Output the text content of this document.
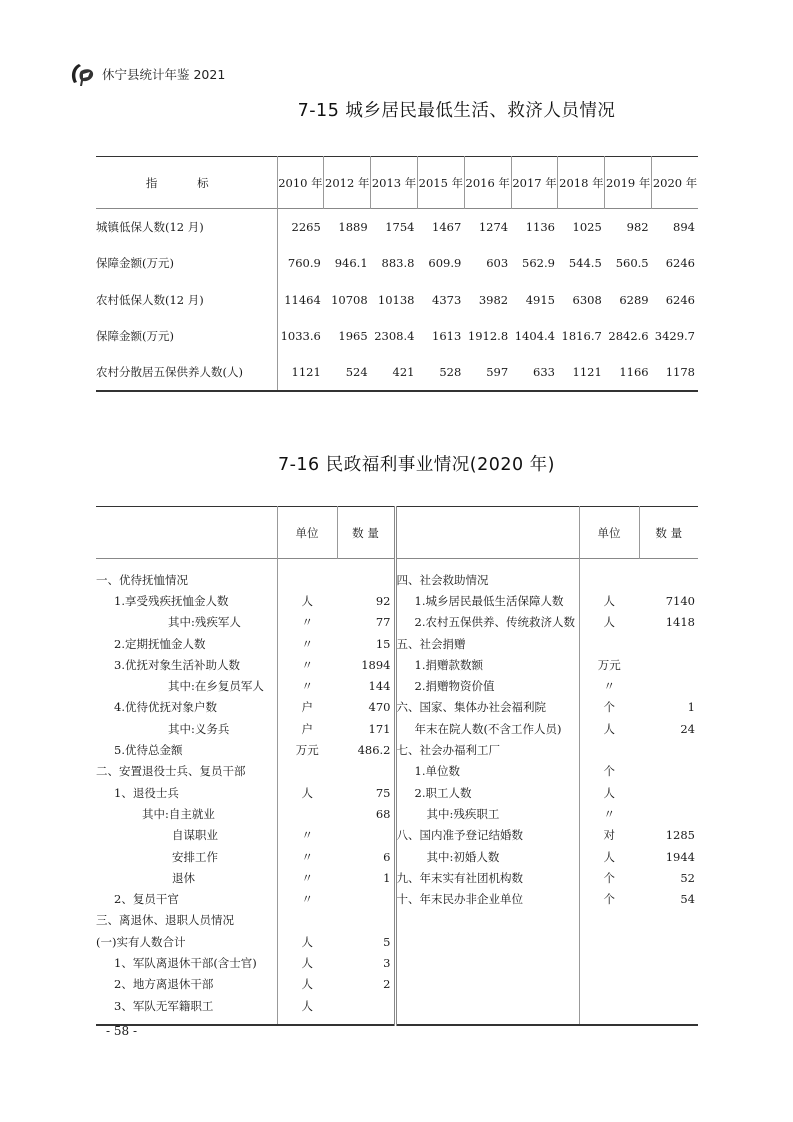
休宁县统计年鉴 2021
7-15 城乡居民最低生活、救济人员情况
指 标	2010 年	2012 年	2013 年	2015 年	2016 年	2017 年	2018 年	2019 年	2020 年
城镇低保人数(12 月)	2265	1889	1754	1467	1274	1136	1025	982	894
保障金额(万元)	760.9	946.1	883.8	609.9	603	562.9	544.5	560.5	6246
农村低保人数(12 月)	11464	10708	10138	4373	3982	4915	6308	6289	6246
保障金额(万元)	1033.6	1965	2308.4	1613	1912.8	1404.4	1816.7	2842.6	3429.7
农村分散居五保供养人数(人)	1121	524	421	528	597	633	1121	1166	1178
7-16 民政福利事业情况(2020 年)
	单位	数 量		单位	数 量

一、优待抚恤情况			四、社会救助情况		
1.享受残疾抚恤金人数	人	92	1.城乡居民最低生活保障人数	人	7140
其中:残疾军人	〃	77	2.农村五保供养、传统救济人数	人	1418
2.定期抚恤金人数	〃	15	五、社会捐赠		
3.优抚对象生活补助人数	〃	1894	1.捐赠款数额	万元	
其中:在乡复员军人	〃	144	2.捐赠物资价值	〃	
4.优待优抚对象户数	户	470	六、国家、集体办社会福利院	个	1
其中:义务兵	户	171	年末在院人数(不含工作人员)	人	24
5.优待总金额	万元	486.2	七、社会办福利工厂		
二、安置退役士兵、复员干部			1.单位数	个	
1、退役士兵	人	75	2.职工人数	人	
其中:自主就业		68	其中:残疾职工	〃	
自谋职业	〃		八、国内准予登记结婚数	对	1285
安排工作	〃	6	其中:初婚人数	人	1944
退休	〃	1	九、年末实有社团机构数	个	52
2、复员干官	〃		十、年末民办非企业单位	个	54
三、离退休、退职人员情况					
(一)实有人数合计	人	5			
1、军队离退休干部(含士官)	人	3			
2、地方离退休干部	人	2			
3、军队无军籍职工	人				

- 58 -
